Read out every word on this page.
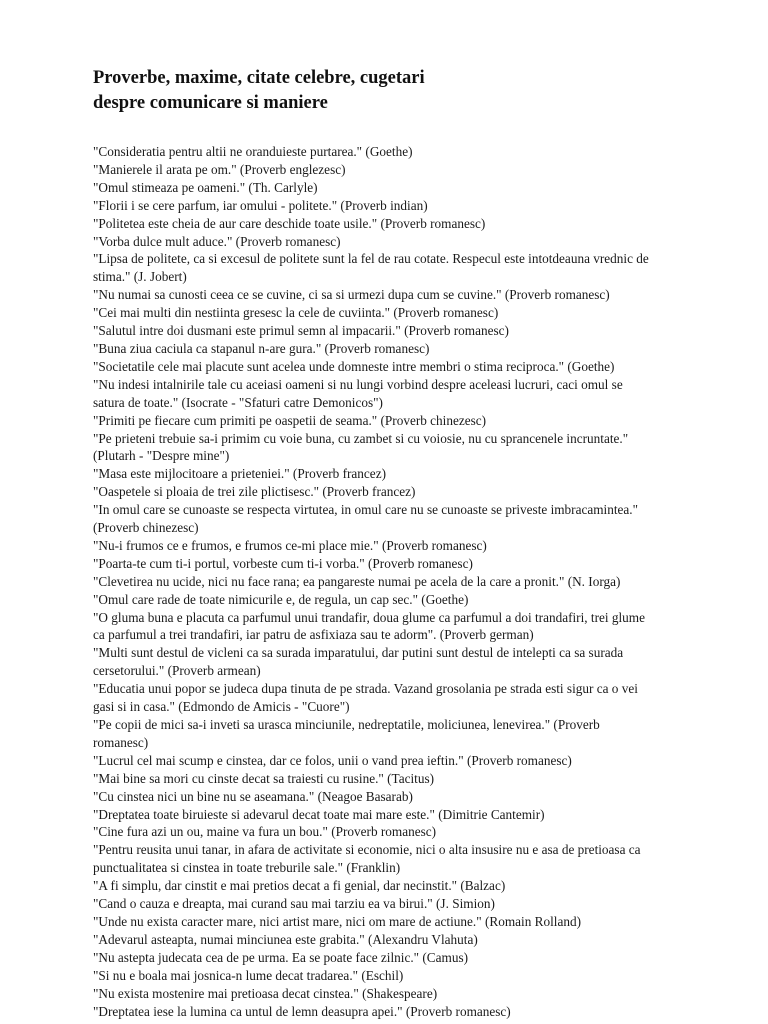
Proverbe, maxime, citate celebre, cugetari
despre comunicare si maniere
"Consideratia pentru altii ne oranduieste purtarea." (Goethe)
"Manierele il arata pe om." (Proverb englezesc)
"Omul stimeaza pe oameni." (Th. Carlyle)
"Florii i se cere parfum, iar omului - politete." (Proverb indian)
"Politetea este cheia de aur care deschide toate usile." (Proverb romanesc)
"Vorba dulce mult aduce." (Proverb romanesc)
"Lipsa de politete, ca si excesul de politete sunt la fel de rau cotate. Respecul este intotdeauna vrednic de
stima." (J. Jobert)
"Nu numai sa cunosti ceea ce se cuvine, ci sa si urmezi dupa cum se cuvine." (Proverb romanesc)
"Cei mai multi din nestiinta gresesc la cele de cuviinta." (Proverb romanesc)
"Salutul intre doi dusmani este primul semn al impacarii." (Proverb romanesc)
"Buna ziua caciula ca stapanul n-are gura." (Proverb romanesc)
"Societatile cele mai placute sunt acelea unde domneste intre membri o stima reciproca." (Goethe)
"Nu indesi intalnirile tale cu aceiasi oameni si nu lungi vorbind despre aceleasi lucruri, caci omul se
satura de toate." (Isocrate - "Sfaturi catre Demonicos")
"Primiti pe fiecare cum primiti pe oaspetii de seama." (Proverb chinezesc)
"Pe prieteni trebuie sa-i primim cu voie buna, cu zambet si cu voiosie, nu cu sprancenele incruntate."
(Plutarh - "Despre mine")
"Masa este mijlocitoare a prieteniei." (Proverb francez)
"Oaspetele si ploaia de trei zile plictisesc." (Proverb francez)
"In omul care se cunoaste se respecta virtutea, in omul care nu se cunoaste se priveste imbracamintea."
(Proverb chinezesc)
"Nu-i frumos ce e frumos, e frumos ce-mi place mie." (Proverb romanesc)
"Poarta-te cum ti-i portul, vorbeste cum ti-i vorba." (Proverb romanesc)
"Clevetirea nu ucide, nici nu face rana; ea pangareste numai pe acela de la care a pronit." (N. Iorga)
"Omul care rade de toate nimicurile e, de regula, un cap sec." (Goethe)
"O gluma buna e placuta ca parfumul unui trandafir, doua glume ca parfumul a doi trandafiri, trei glume
ca parfumul a trei trandafiri, iar patru de asfixiaza sau te adorm". (Proverb german)
"Multi sunt destul de vicleni ca sa surada imparatului, dar putini sunt destul de intelepti ca sa surada
cersetorului." (Proverb armean)
"Educatia unui popor se judeca dupa tinuta de pe strada. Vazand grosolania pe strada esti sigur ca o vei
gasi si in casa." (Edmondo de Amicis - "Cuore")
"Pe copii de mici sa-i inveti sa urasca minciunile, nedreptatile, moliciunea, lenevirea." (Proverb
romanesc)
"Lucrul cel mai scump e cinstea, dar ce folos, unii o vand prea ieftin." (Proverb romanesc)
"Mai bine sa mori cu cinste decat sa traiesti cu rusine." (Tacitus)
"Cu cinstea nici un bine nu se aseamana." (Neagoe Basarab)
"Dreptatea toate biruieste si adevarul decat toate mai mare este." (Dimitrie Cantemir)
"Cine fura azi un ou, maine va fura un bou." (Proverb romanesc)
"Pentru reusita unui tanar, in afara de activitate si economie, nici o alta insusire nu e asa de pretioasa ca
punctualitatea si cinstea in toate treburile sale." (Franklin)
"A fi simplu, dar cinstit e mai pretios decat a fi genial, dar necinstit." (Balzac)
"Cand o cauza e dreapta, mai curand sau mai tarziu ea va birui." (J. Simion)
"Unde nu exista caracter mare, nici artist mare, nici om mare de actiune." (Romain Rolland)
"Adevarul asteapta, numai minciunea este grabita." (Alexandru Vlahuta)
"Nu astepta judecata cea de pe urma. Ea se poate face zilnic." (Camus)
"Si nu e boala mai josnica-n lume decat tradarea." (Eschil)
"Nu exista mostenire mai pretioasa decat cinstea." (Shakespeare)
"Dreptatea iese la lumina ca untul de lemn deasupra apei." (Proverb romanesc)
